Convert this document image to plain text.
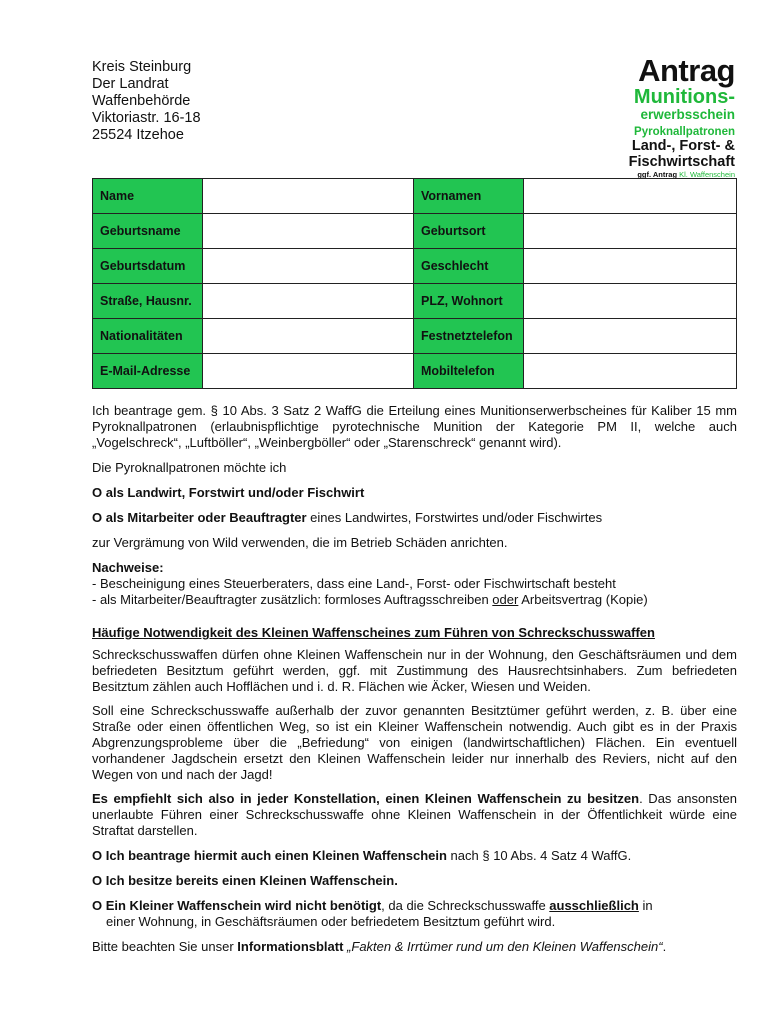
Kreis Steinburg
Der Landrat
Waffenbehörde
Viktoriastr. 16-18
25524 Itzehoe
Antrag
Munitions-
erwerbsschein
Pyroknallpatronen
Land-, Forst- &
Fischwirtschaft
ggf. Antrag Kl. Waffenschein
Name		Vornamen	
Geburtsname		Geburtsort	
Geburtsdatum		Geschlecht	
Straße, Hausnr.		PLZ, Wohnort	
Nationalitäten		Festnetztelefon	
E-Mail-Adresse		Mobiltelefon	

Ich beantrage gem. § 10 Abs. 3 Satz 2 WaffG die Erteilung eines Munitionserwerbscheines für Kaliber 15 mm Pyroknallpatronen (erlaubnispflichtige pyrotechnische Munition der Kategorie PM II, welche auch „Vogelschreck“, „Luftböller“, „Weinbergböller“ oder „Starenschreck“ genannt wird).

Die Pyroknallpatronen möchte ich

O als Landwirt, Forstwirt und/oder Fischwirt

O als Mitarbeiter oder Beauftragter eines Landwirtes, Forstwirtes und/oder Fischwirtes

zur Vergrämung von Wild verwenden, die im Betrieb Schäden anrichten.

Nachweise:

- Bescheinigung eines Steuerberaters, dass eine Land-, Forst- oder Fischwirtschaft besteht

- als Mitarbeiter/Beauftragter zusätzlich: formloses Auftragsschreiben oder Arbeitsvertrag (Kopie)

Häufige Notwendigkeit des Kleinen Waffenscheines zum Führen von Schreckschusswaffen

Schreckschusswaffen dürfen ohne Kleinen Waffenschein nur in der Wohnung, den Geschäftsräumen und dem befriedeten Besitztum geführt werden, ggf. mit Zustimmung des Hausrechtsinhabers. Zum befriedeten Besitztum zählen auch Hofflächen und i. d. R. Flächen wie Äcker, Wiesen und Weiden.

Soll eine Schreckschusswaffe außerhalb der zuvor genannten Besitztümer geführt werden, z. B. über eine Straße oder einen öffentlichen Weg, so ist ein Kleiner Waffenschein notwendig. Auch gibt es in der Praxis Abgrenzungsprobleme über die „Befriedung“ von einigen (landwirtschaftlichen) Flächen. Ein eventuell vorhandener Jagdschein ersetzt den Kleinen Waffenschein leider nur innerhalb des Reviers, nicht auf den Wegen von und nach der Jagd!

Es empfiehlt sich also in jeder Konstellation, einen Kleinen Waffenschein zu besitzen. Das ansonsten unerlaubte Führen einer Schreckschusswaffe ohne Kleinen Waffenschein in der Öffentlichkeit würde eine Straftat darstellen.

O Ich beantrage hiermit auch einen Kleinen Waffenschein nach § 10 Abs. 4 Satz 4 WaffG.

O Ich besitze bereits einen Kleinen Waffenschein.

O Ein Kleiner Waffenschein wird nicht benötigt, da die Schreckschusswaffe ausschließlich in

einer Wohnung, in Geschäftsräumen oder befriedetem Besitztum geführt wird.

Bitte beachten Sie unser Informationsblatt „Fakten & Irrtümer rund um den Kleinen Waffenschein“.
